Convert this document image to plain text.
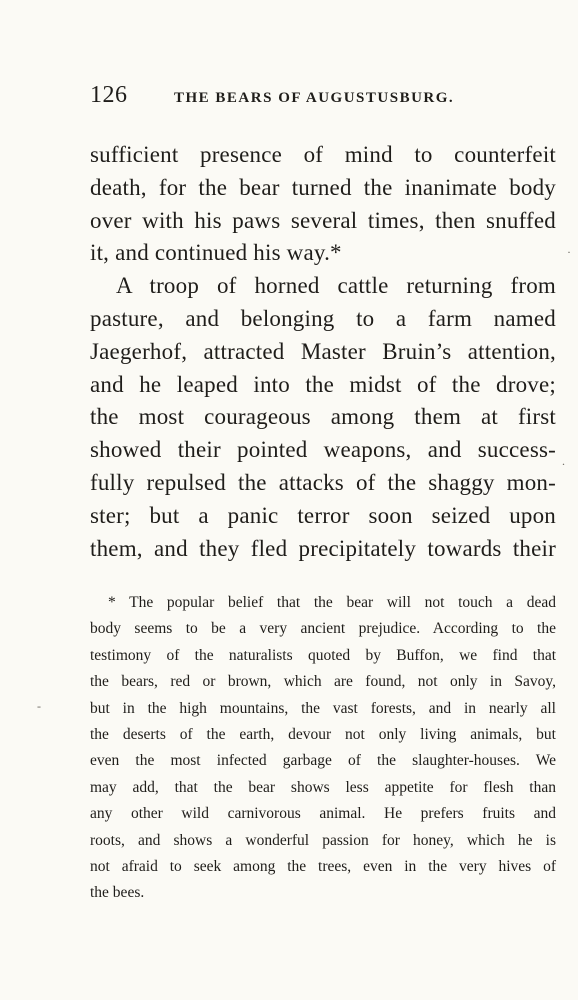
126	THE BEARS OF AUGUSTUSBURG.
sufficient presence of mind to counterfeit
death, for the bear turned the inanimate body
over with his paws several times, then snuffed
it, and continued his way.*
A troop of horned cattle returning from
pasture, and belonging to a farm named
Jaegerhof, attracted Master Bruin’s attention,
and he leaped into the midst of the drove;
the most courageous among them at first
showed their pointed weapons, and success-
fully repulsed the attacks of the shaggy mon-
ster; but a panic terror soon seized upon
them, and they fled precipitately towards their
* The popular belief that the bear will not touch a dead
body seems to be a very ancient prejudice. According to the
testimony of the naturalists quoted by Buffon, we find that
the bears, red or brown, which are found, not only in Savoy,
but in the high mountains, the vast forests, and in nearly all
the deserts of the earth, devour not only living animals, but
even the most infected garbage of the slaughter-houses. We
may add, that the bear shows less appetite for flesh than
any other wild carnivorous animal. He prefers fruits and
roots, and shows a wonderful passion for honey, which he is
not afraid to seek among the trees, even in the very hives of
the bees.
-
.
·
